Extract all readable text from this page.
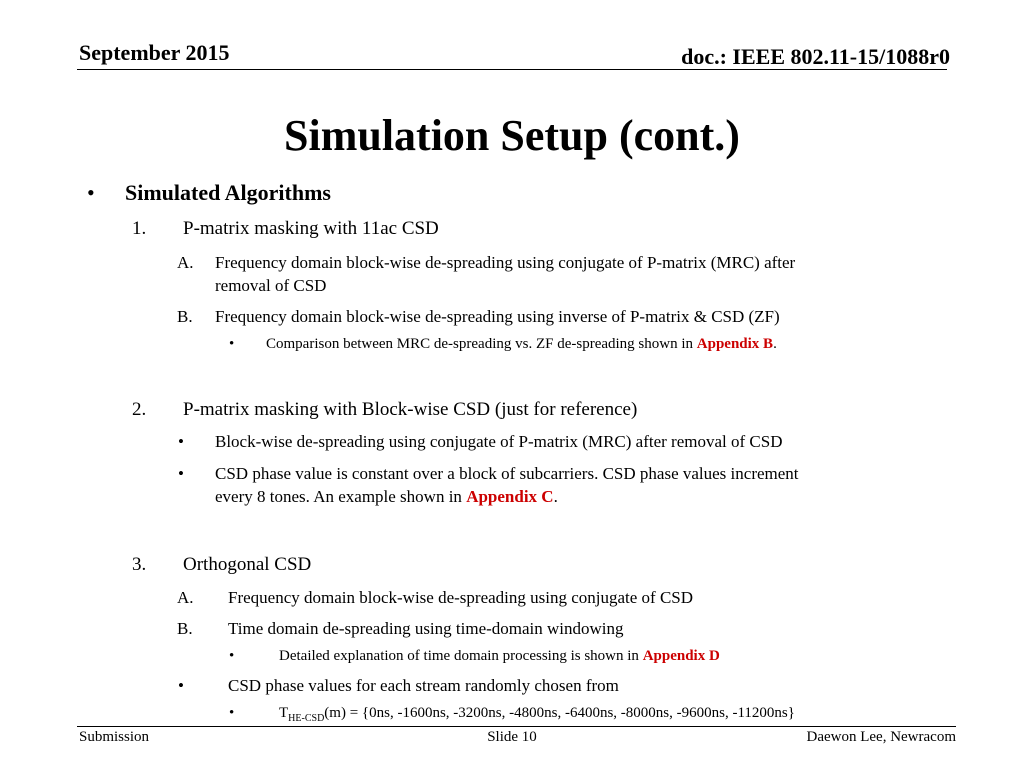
September 2015	doc.: IEEE 802.11-15/1088r0
Simulation Setup (cont.)
• Simulated Algorithms
1. P-matrix masking with 11ac CSD
A. Frequency domain block-wise de-spreading using conjugate of P-matrix (MRC) after
removal of CSD
B. Frequency domain block-wise de-spreading using inverse of P-matrix & CSD (ZF)
• Comparison between MRC de-spreading vs. ZF de-spreading shown in Appendix B.
2. P-matrix masking with Block-wise CSD (just for reference)
• Block-wise de-spreading using conjugate of P-matrix (MRC) after removal of CSD
• CSD phase value is constant over a block of subcarriers. CSD phase values increment
every 8 tones. An example shown in Appendix C.
3. Orthogonal CSD
A. Frequency domain block-wise de-spreading using conjugate of CSD
B. Time domain de-spreading using time-domain windowing
•	Detailed explanation of time domain processing is shown in Appendix D
•	CSD phase values for each stream randomly chosen from
•	$T_{HE-CSD}(m) = \{0ns$, -1600ns, -3200ns, -4800ns, -6400ns, -8000ns, -9600ns, -11200ns}
Submission	Slide 10	Daewon Lee, Newracom
